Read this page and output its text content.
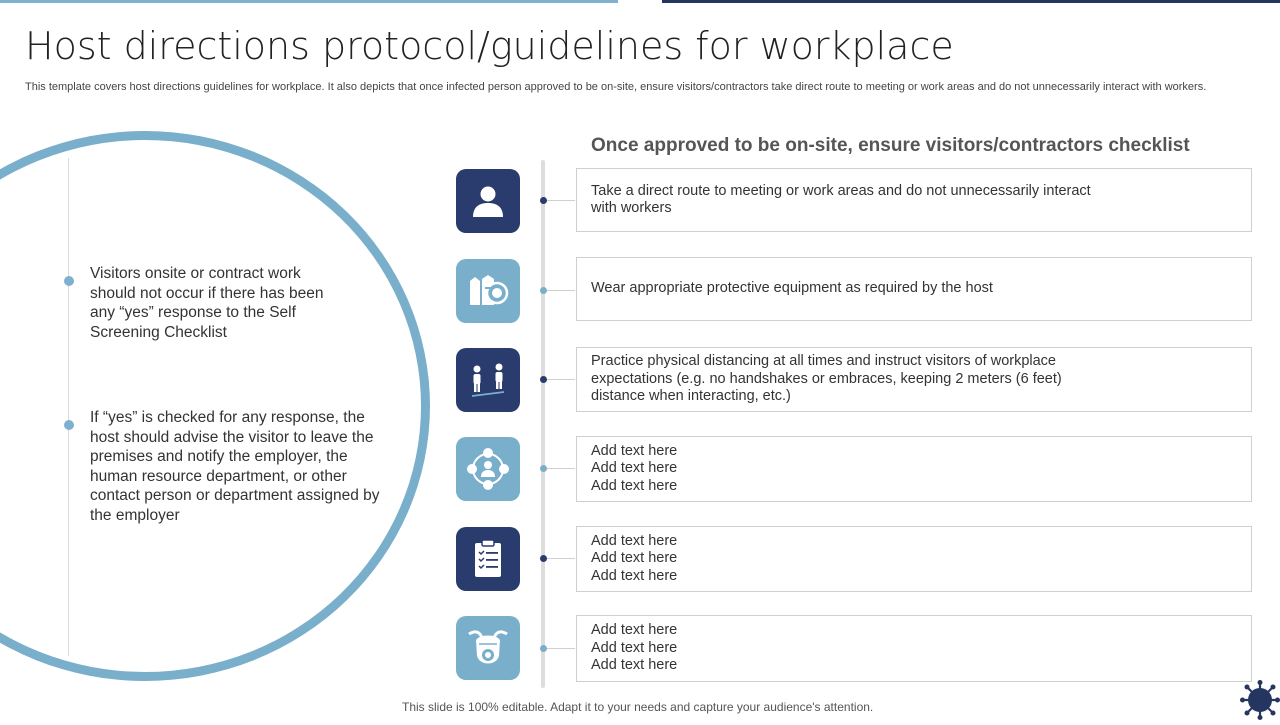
Host directions protocol/guidelines for workplace
This template covers host directions guidelines for workplace. It also depicts that once infected person approved to be on-site, ensure visitors/contractors take direct route to meeting or work areas and do not unnecessarily interact with workers.
Visitors onsite or contract work should not occur if there has been any “yes” response to the Self Screening Checklist
If “yes” is checked for any response, the host should advise the visitor to leave the premises and notify the employer, the human resource department, or other contact person or department assigned by the employer
Once approved to be on-site, ensure visitors/contractors checklist
Take a direct route to meeting or work areas and do not unnecessarily interact with workers
Wear appropriate protective equipment as required by the host
Practice physical distancing at all times and instruct visitors of workplace expectations (e.g. no handshakes or embraces, keeping 2 meters (6 feet) distance when interacting, etc.)
Add text here
Add text here
Add text here
Add text here
Add text here
Add text here
Add text here
Add text here
Add text here
This slide is 100% editable. Adapt it to your needs and capture your audience's attention.
